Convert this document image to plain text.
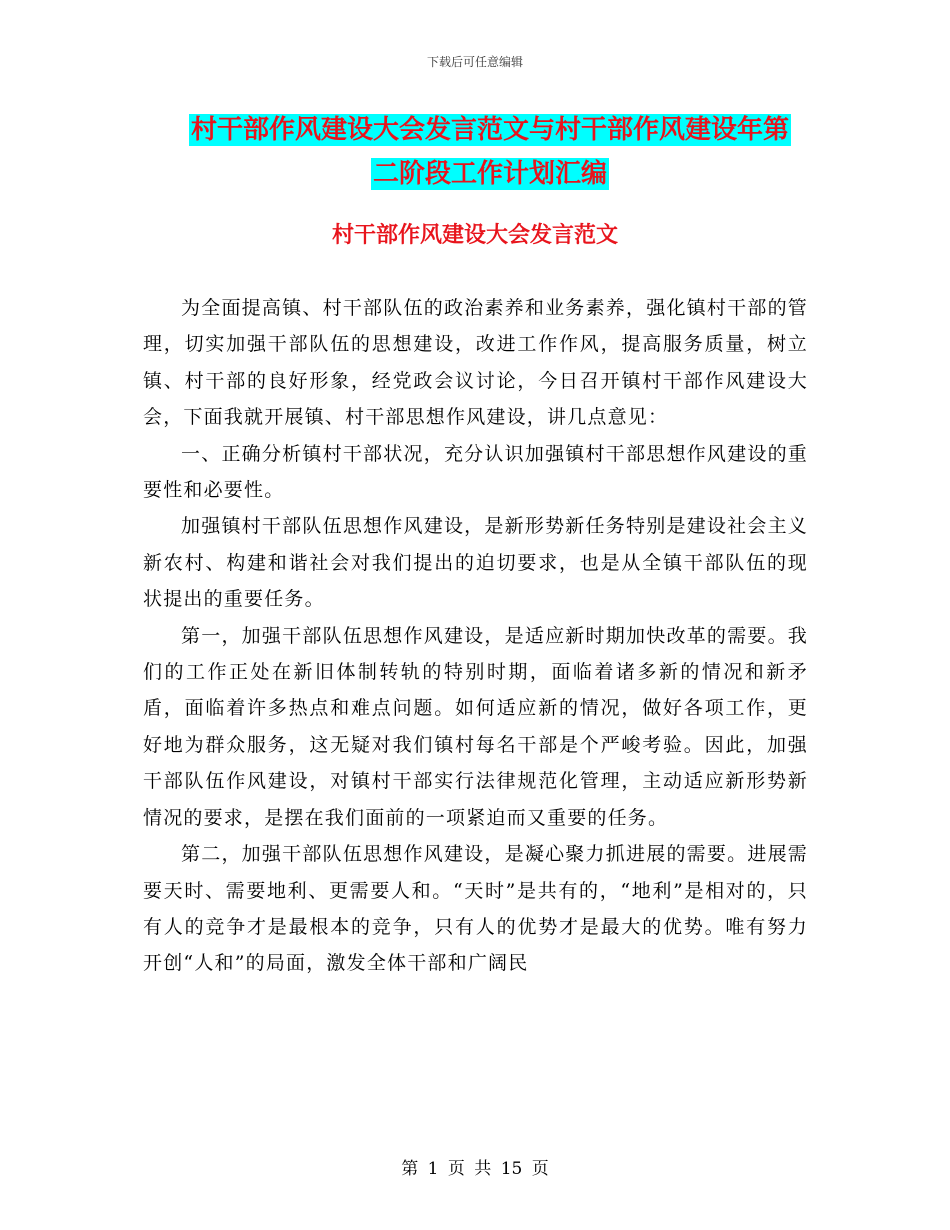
下载后可任意编辑
村干部作风建设大会发言范文与村干部作风建设年第
二阶段工作计划汇编
村干部作风建设大会发言范文

为全面提高镇、村干部队伍的政治素养和业务素养，强化镇村干部的管理，切实加强干部队伍的思想建设，改进工作作风，提高服务质量，树立镇、村干部的良好形象，经党政会议讨论，今日召开镇村干部作风建设大会，下面我就开展镇、村干部思想作风建设，讲几点意见：

一、正确分析镇村干部状况，充分认识加强镇村干部思想作风建设的重要性和必要性。

加强镇村干部队伍思想作风建设，是新形势新任务特别是建设社会主义新农村、构建和谐社会对我们提出的迫切要求，也是从全镇干部队伍的现状提出的重要任务。

第一，加强干部队伍思想作风建设，是适应新时期加快改革的需要。我们的工作正处在新旧体制转轨的特别时期，面临着诸多新的情况和新矛盾，面临着许多热点和难点问题。如何适应新的情况，做好各项工作，更好地为群众服务，这无疑对我们镇村每名干部是个严峻考验。因此，加强干部队伍作风建设，对镇村干部实行法律规范化管理，主动适应新形势新情况的要求，是摆在我们面前的一项紧迫而又重要的任务。

第二，加强干部队伍思想作风建设，是凝心聚力抓进展的需要。进展需要天时、需要地利、更需要人和。“天时”是共有的，“地利”是相对的，只有人的竞争才是最根本的竞争，只有人的优势才是最大的优势。唯有努力开创“人和”的局面，激发全体干部和广阔民

第 1 页 共 15 页
